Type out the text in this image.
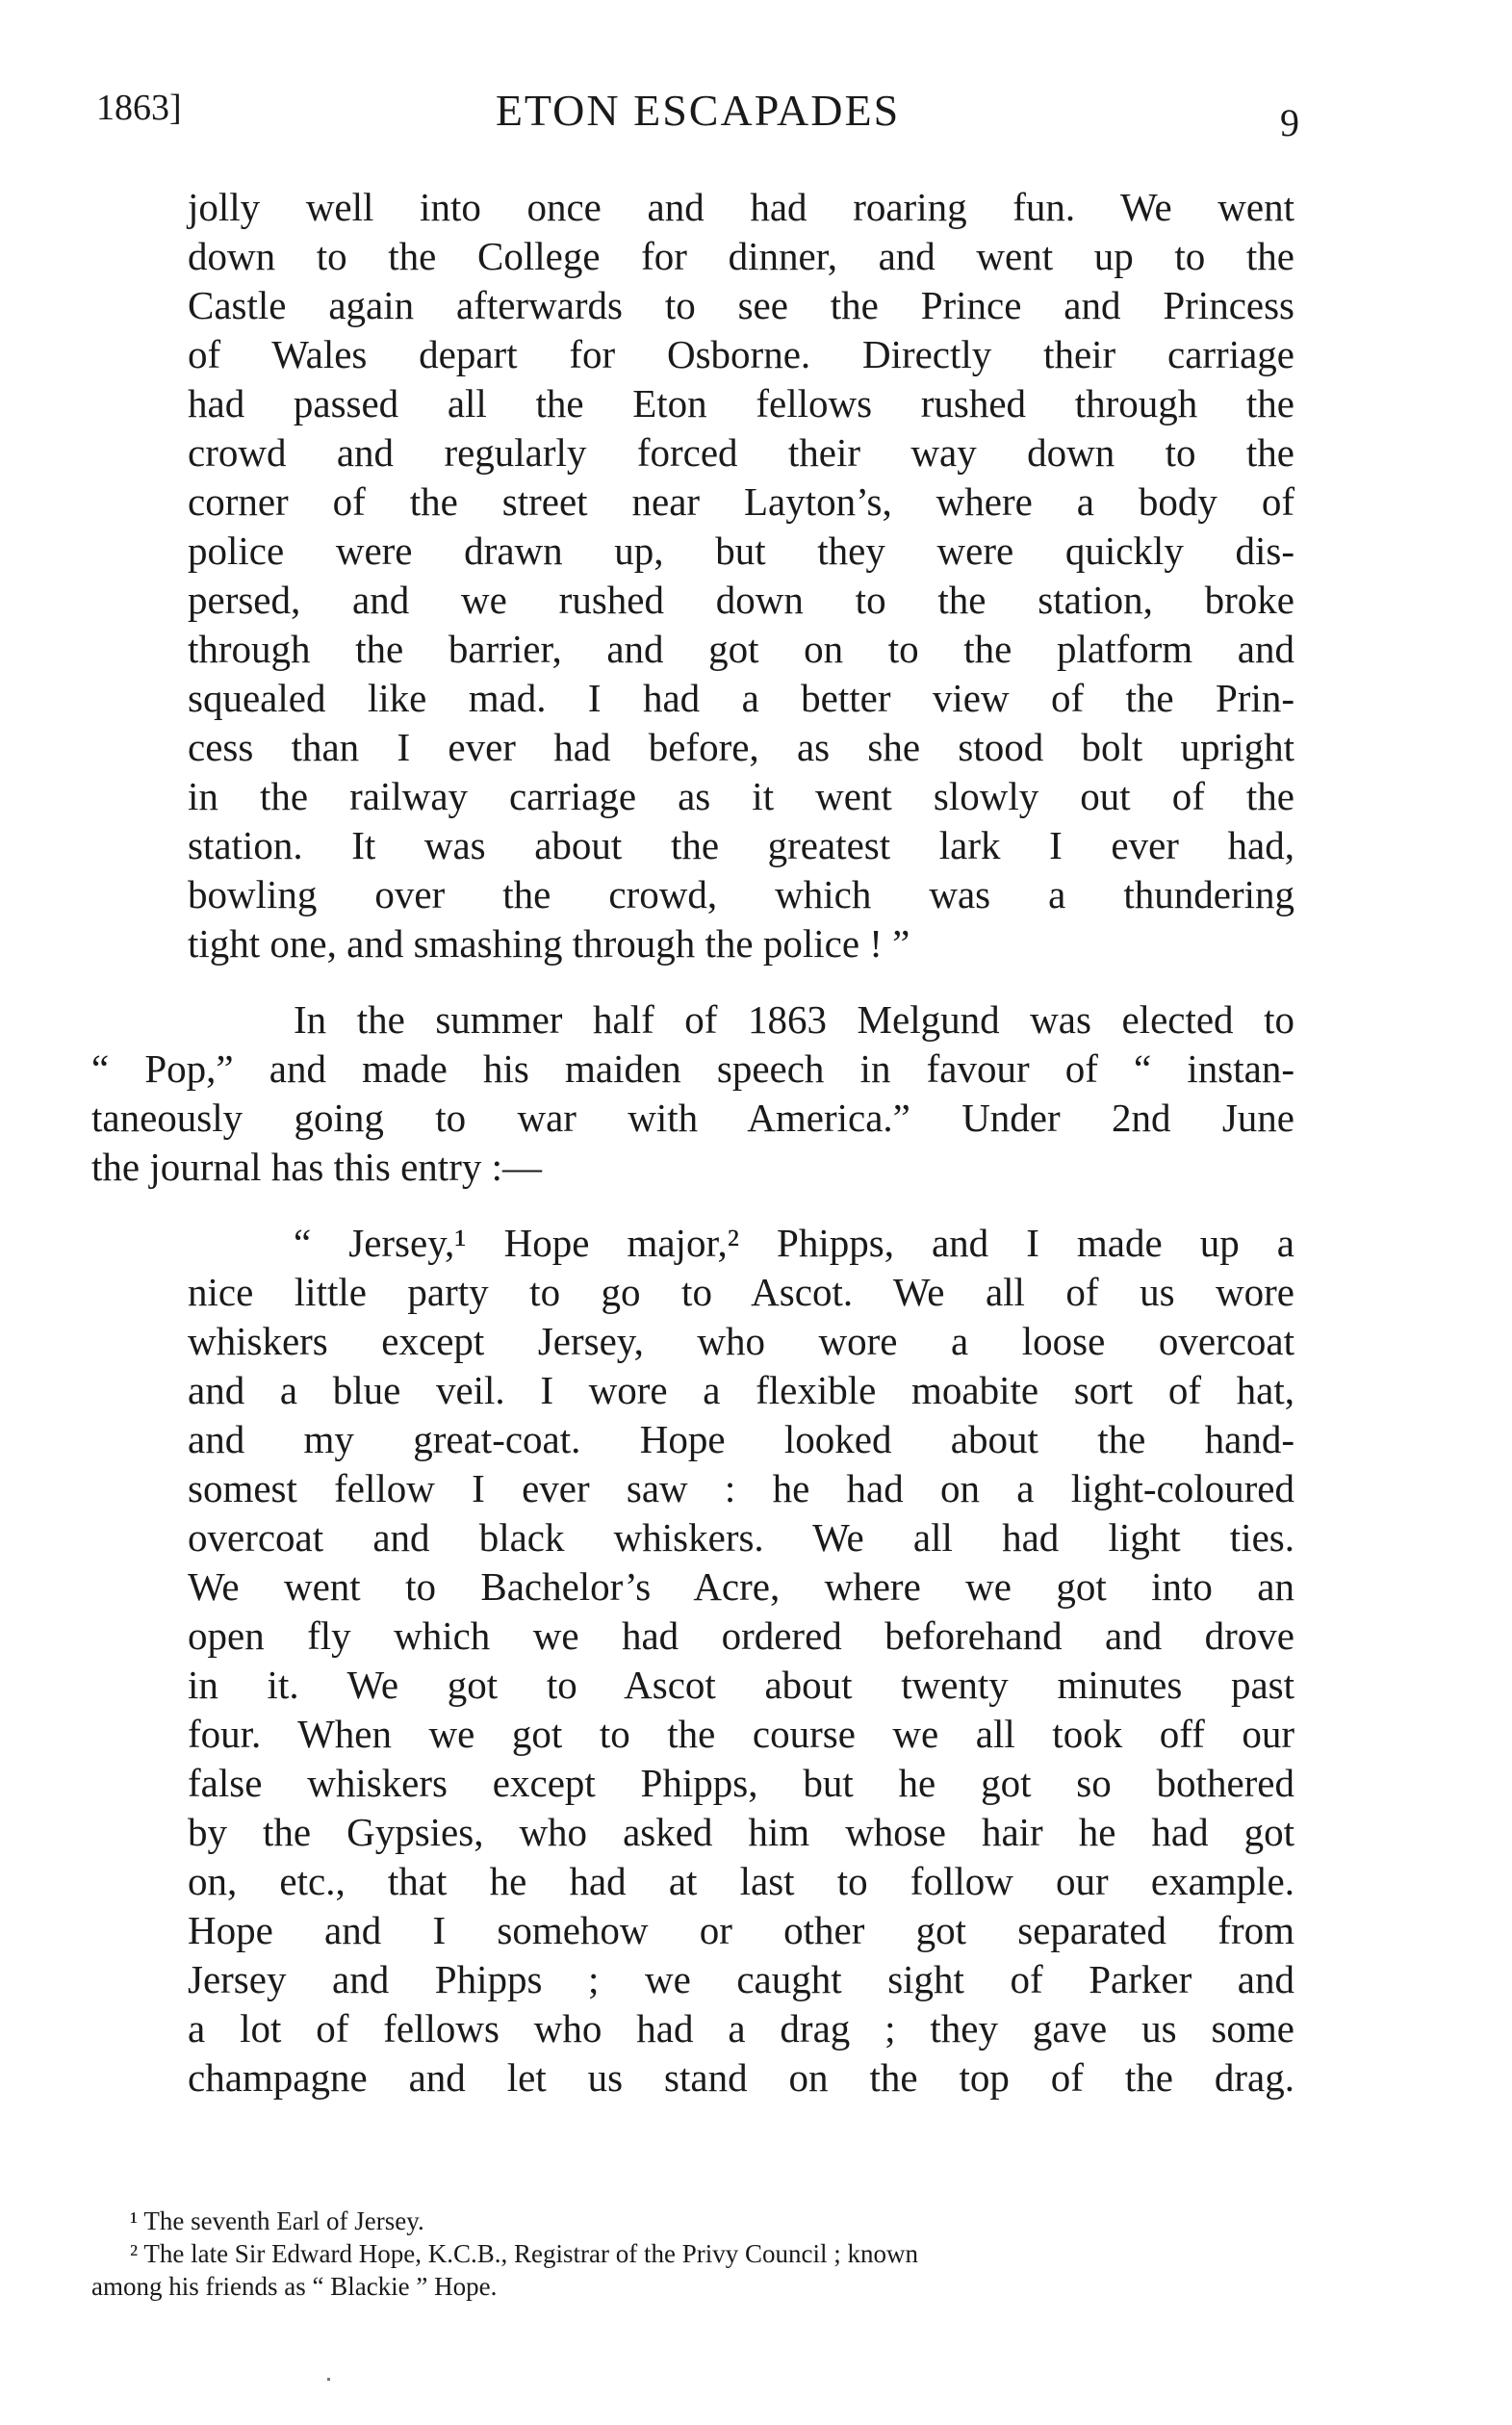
1863]	ETON ESCAPADES	9
jolly well into once and had roaring fun. We went
down to the College for dinner, and went up to the
Castle again afterwards to see the Prince and Princess
of Wales depart for Osborne. Directly their carriage
had passed all the Eton fellows rushed through the
crowd and regularly forced their way down to the
corner of the street near Layton’s, where a body of
police were drawn up, but they were quickly dis-
persed, and we rushed down to the station, broke
through the barrier, and got on to the platform and
squealed like mad. I had a better view of the Prin-
cess than I ever had before, as she stood bolt upright
in the railway carriage as it went slowly out of the
station. It was about the greatest lark I ever had,
bowling over the crowd, which was a thundering
tight one, and smashing through the police ! ”
In the summer half of 1863 Melgund was elected to
“ Pop,” and made his maiden speech in favour of “ instan-
taneously going to war with America.” Under 2nd June
the journal has this entry :—
“ Jersey,¹ Hope major,² Phipps, and I made up a
nice little party to go to Ascot. We all of us wore
whiskers except Jersey, who wore a loose overcoat
and a blue veil. I wore a flexible moabite sort of hat,
and my great-coat. Hope looked about the hand-
somest fellow I ever saw : he had on a light-coloured
overcoat and black whiskers. We all had light ties.
We went to Bachelor’s Acre, where we got into an
open fly which we had ordered beforehand and drove
in it. We got to Ascot about twenty minutes past
four. When we got to the course we all took off our
false whiskers except Phipps, but he got so bothered
by the Gypsies, who asked him whose hair he had got
on, etc., that he had at last to follow our example.
Hope and I somehow or other got separated from
Jersey and Phipps ; we caught sight of Parker and
a lot of fellows who had a drag ; they gave us some
champagne and let us stand on the top of the drag.
¹ The seventh Earl of Jersey.
² The late Sir Edward Hope, K.C.B., Registrar of the Privy Council ; known
among his friends as “ Blackie ” Hope.
